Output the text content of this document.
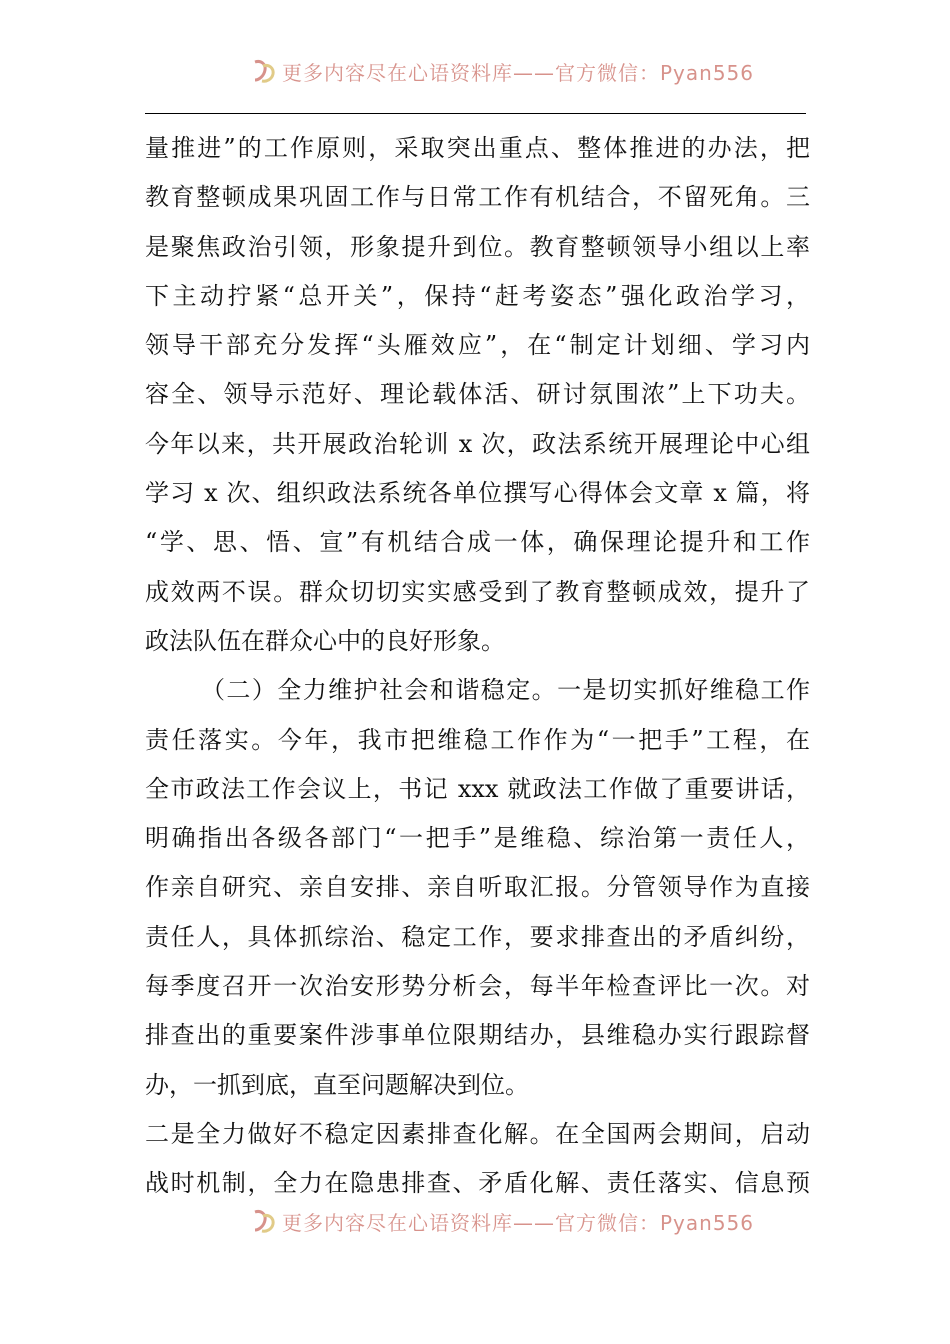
更多内容尽在心语资料库——官方微信：Pyan556
量推进”的工作原则，采取突出重点、整体推进的办法，把
教育整顿成果巩固工作与日常工作有机结合，不留死角。三
是聚焦政治引领，形象提升到位。教育整顿领导小组以上率
下主动拧紧“总开关”，保持“赶考姿态”强化政治学习，
领导干部充分发挥“头雁效应”，在“制定计划细、学习内
容全、领导示范好、理论载体活、研讨氛围浓”上下功夫。
今年以来，共开展政治轮训 x 次，政法系统开展理论中心组
学习 x 次、组织政法系统各单位撰写心得体会文章 x 篇，将
“学、思、悟、宣”有机结合成一体，确保理论提升和工作
成效两不误。群众切切实实感受到了教育整顿成效，提升了
政法队伍在群众心中的良好形象。
（二）全力维护社会和谐稳定。一是切实抓好维稳工作
责任落实。今年，我市把维稳工作作为“一把手”工程，在
全市政法工作会议上，书记 xxx 就政法工作做了重要讲话，
明确指出各级各部门“一把手”是维稳、综治第一责任人，
作亲自研究、亲自安排、亲自听取汇报。分管领导作为直接
责任人，具体抓综治、稳定工作，要求排查出的矛盾纠纷，
每季度召开一次治安形势分析会，每半年检查评比一次。对
排查出的重要案件涉事单位限期结办，县维稳办实行跟踪督
办，一抓到底，直至问题解决到位。
二是全力做好不稳定因素排查化解。在全国两会期间，启动
战时机制，全力在隐患排查、矛盾化解、责任落实、信息预
更多内容尽在心语资料库——官方微信：Pyan556
